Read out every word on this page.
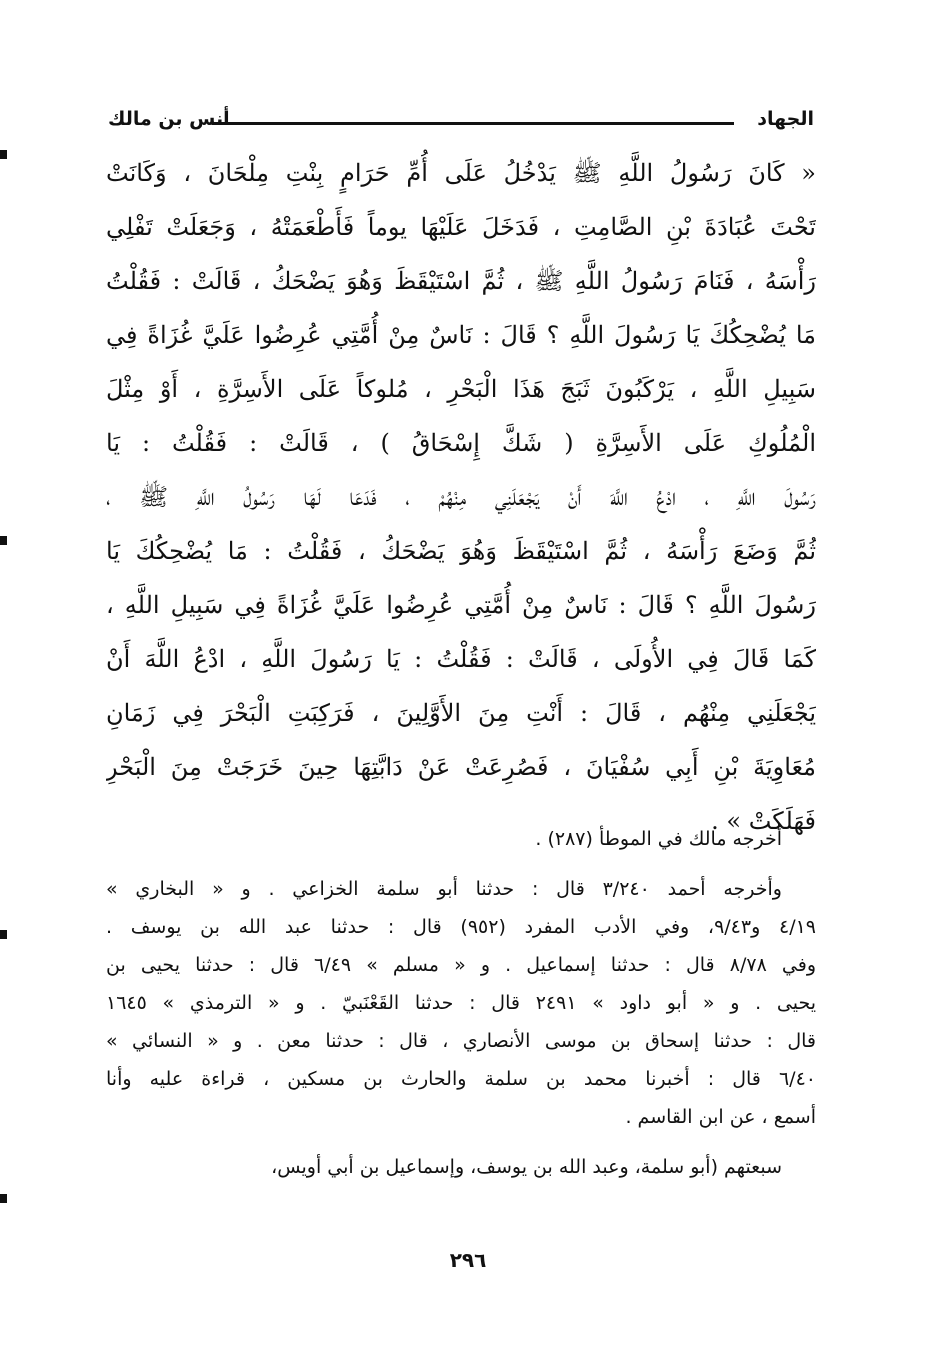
الجهاد
أنس بن مالك
« كَانَ رَسُولُ اللَّهِ ﷺ يَدْخُلُ عَلَى أُمِّ حَرَامٍ بِنْتِ مِلْحَانَ ، وَكَانَتْ
تَحْتَ عُبَادَةَ بْنِ الصَّامِتِ ، فَدَخَلَ عَلَيْهَا يوماً فَأَطْعَمَتْهُ ، وَجَعَلَتْ تَفْلِي
رَأْسَهُ ، فَنَامَ رَسُولُ اللَّهِ ﷺ ، ثُمَّ اسْتَيْقَظَ وَهُوَ يَضْحَكُ ، قَالَتْ : فَقُلْتُ
مَا يُضْحِكُكَ يَا رَسُولَ اللَّهِ ؟ قَالَ : نَاسٌ مِنْ أُمَّتِي عُرِضُوا عَلَيَّ غُزَاةً فِي
سَبِيلِ اللَّهِ ، يَرْكَبُونَ ثَبَجَ هَذَا الْبَحْرِ ، مُلوكاً عَلَى الأَسِرَّةِ ، أَوْ مِثْلَ
الْمُلُوكِ عَلَى الأَسِرَّةِ ( شَكَّ إِسْحَاقُ ) ، قَالَتْ : فَقُلْتُ : يَا
رَسُولَ اللَّهِ ، ادْعُ اللَّهَ أَنْ يَجْعَلَنِي مِنْهُمْ ، فَدَعَا لَهَا رَسُولُ اللَّهِ ﷺ ،
ثُمَّ وَضَعَ رَأْسَهُ ، ثُمَّ اسْتَيْقَظَ وَهُوَ يَضْحَكُ ، فَقُلْتُ : مَا يُضْحِكُكَ يَا
رَسُولَ اللَّهِ ؟ قَالَ : نَاسٌ مِنْ أُمَّتِي عُرِضُوا عَلَيَّ غُزَاةً فِي سَبِيلِ اللَّهِ ،
كَمَا قَالَ فِي الأُولَى ، قَالَتْ : فَقُلْتُ : يَا رَسُولَ اللَّهِ ، ادْعُ اللَّهَ أَنْ
يَجْعَلَنِي مِنْهُم ، قَالَ : أَنْتِ مِنَ الأَوَّلِينَ ، فَرَكِبَتِ الْبَحْرَ فِي زَمَانِ
مُعَاوِيَةَ بْنِ أَبِي سُفْيَانَ ، فَصُرِعَتْ عَنْ دَابَّتِهَا حِينَ خَرَجَتْ مِنَ الْبَحْرِ
فَهَلَكَتْ » .
أخرجه مالك في الموطأ (٢٨٧) .
وأخرجه أحمد ٣/٢٤٠ قال : حدثنا أبو سلمة الخزاعي . و « البخاري »
٤/١٩ و٩/٤٣، وفي الأدب المفرد (٩٥٢) قال : حدثنا عبد الله بن يوسف .
وفي ٨/٧٨ قال : حدثنا إسماعيل . و « مسلم » ٦/٤٩ قال : حدثنا يحيى بن
يحيى . و « أبو داود » ٢٤٩١ قال : حدثنا القَعْنَبيّ . و « الترمذي » ١٦٤٥
قال : حدثنا إسحاق بن موسى الأنصاري ، قال : حدثنا معن . و « النسائي »
٦/٤٠ قال : أخبرنا محمد بن سلمة والحارث بن مسكين ، قراءة عليه وأنا
أسمع ، عن ابن القاسم .
سبعتهم (أبو سلمة، وعبد الله بن يوسف، وإسماعيل بن أبي أويس،
٢٩٦
